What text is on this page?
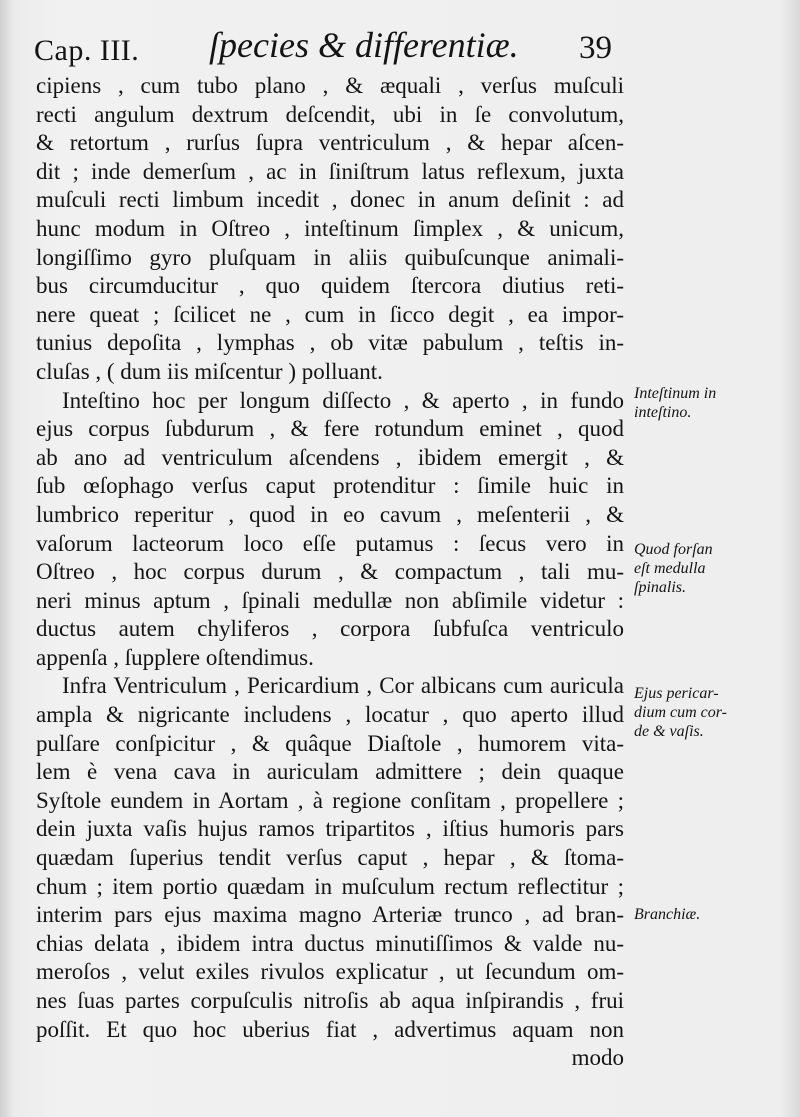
Cap. III. ſpecies & differentiæ. 39
cipiens , cum tubo plano , & æquali , verſus muſculi
recti angulum dextrum deſcendit, ubi in ſe convolutum,
& retortum , rurſus ſupra ventriculum , & hepar aſcen-
dit ; inde demerſum , ac in ſiniſtrum latus reflexum, juxta
muſculi recti limbum incedit , donec in anum deſinit : ad
hunc modum in Oſtreo , inteſtinum ſimplex , & unicum,
longiſſimo gyro pluſquam in aliis quibuſcunque animali-
bus circumducitur , quo quidem ſtercora diutius reti-
nere queat ; ſcilicet ne , cum in ſicco degit , ea impor-
tunius depoſita , lymphas , ob vitæ pabulum , teſtis in-
cluſas , ( dum iis miſcentur ) polluant.
Inteſtino hoc per longum diſſecto , & aperto , in fundo
ejus corpus ſubdurum , & fere rotundum eminet , quod
ab ano ad ventriculum aſcendens , ibidem emergit , &
ſub œſophago verſus caput protenditur : ſimile huic in
lumbrico reperitur , quod in eo cavum , meſenterii , &
vaſorum lacteorum loco eſſe putamus : ſecus vero in
Oſtreo , hoc corpus durum , & compactum , tali mu-
neri minus aptum , ſpinali medullæ non abſimile videtur :
ductus autem chyliferos , corpora ſubfuſca ventriculo
appenſa , ſupplere oſtendimus.
Infra Ventriculum , Pericardium , Cor albicans cum auricula
ampla & nigricante includens , locatur , quo aperto illud
pulſare conſpicitur , & quâque Diaſtole , humorem vita-
lem è vena cava in auriculam admittere ; dein quaque
Syſtole eundem in Aortam , à regione conſitam , propellere ;
dein juxta vaſis hujus ramos tripartitos , iſtius humoris pars
quædam ſuperius tendit verſus caput , hepar , & ſtoma-
chum ; item portio quædam in muſculum rectum reflectitur ;
interim pars ejus maxima magno Arteriæ trunco , ad bran-
chias delata , ibidem intra ductus minutiſſimos & valde nu-
meroſos , velut exiles rivulos explicatur , ut ſecundum om-
nes ſuas partes corpuſculis nitroſis ab aqua inſpirandis , frui
poſſit. Et quo hoc uberius fiat , advertimus aquam non
modo
Inteſtinum in
inteſtino.
Quod forſan
eſt medulla
ſpinalis.
Ejus pericar-
dium cum cor-
de & vaſis.
Branchiæ.
